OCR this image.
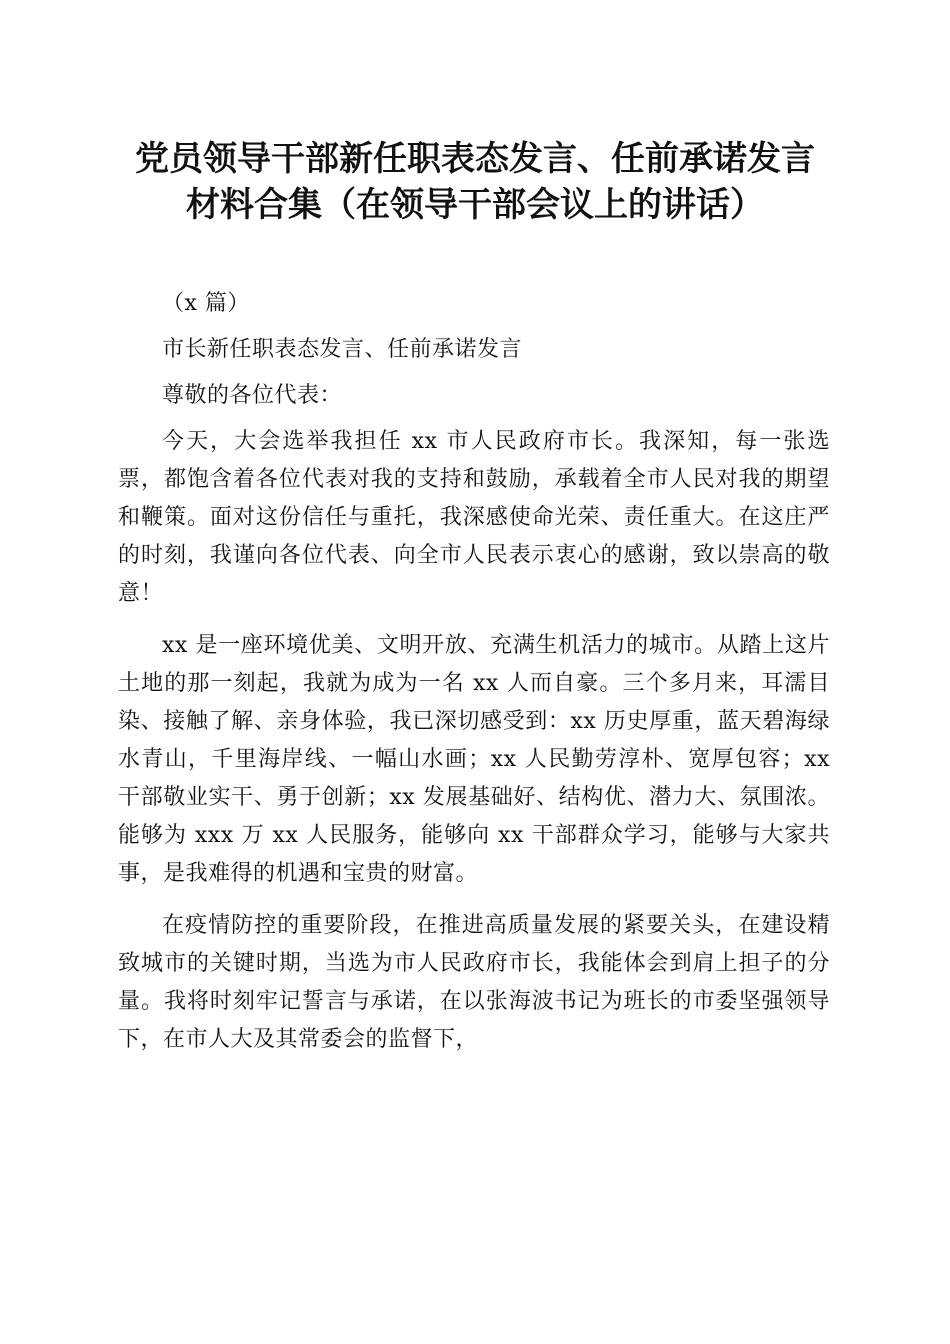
党员领导干部新任职表态发言、任前承诺发言
材料合集（在领导干部会议上的讲话）

（x 篇）

市长新任职表态发言、任前承诺发言

尊敬的各位代表：

今天，大会选举我担任 xx 市人民政府市长。我深知，每一张选票，都饱含着各位代表对我的支持和鼓励，承载着全市人民对我的期望和鞭策。面对这份信任与重托，我深感使命光荣、责任重大。在这庄严的时刻，我谨向各位代表、向全市人民表示衷心的感谢，致以崇高的敬意！

xx 是一座环境优美、文明开放、充满生机活力的城市。从踏上这片土地的那一刻起，我就为成为一名 xx 人而自豪。三个多月来，耳濡目染、接触了解、亲身体验，我已深切感受到：xx 历史厚重，蓝天碧海绿水青山，千里海岸线、一幅山水画；xx 人民勤劳淳朴、宽厚包容；xx 干部敬业实干、勇于创新；xx 发展基础好、结构优、潜力大、氛围浓。能够为 xxx 万 xx 人民服务，能够向 xx 干部群众学习，能够与大家共事，是我难得的机遇和宝贵的财富。

在疫情防控的重要阶段，在推进高质量发展的紧要关头，在建设精致城市的关键时期，当选为市人民政府市长，我能体会到肩上担子的分量。我将时刻牢记誓言与承诺，在以张海波书记为班长的市委坚强领导下，在市人大及其常委会的监督下，
